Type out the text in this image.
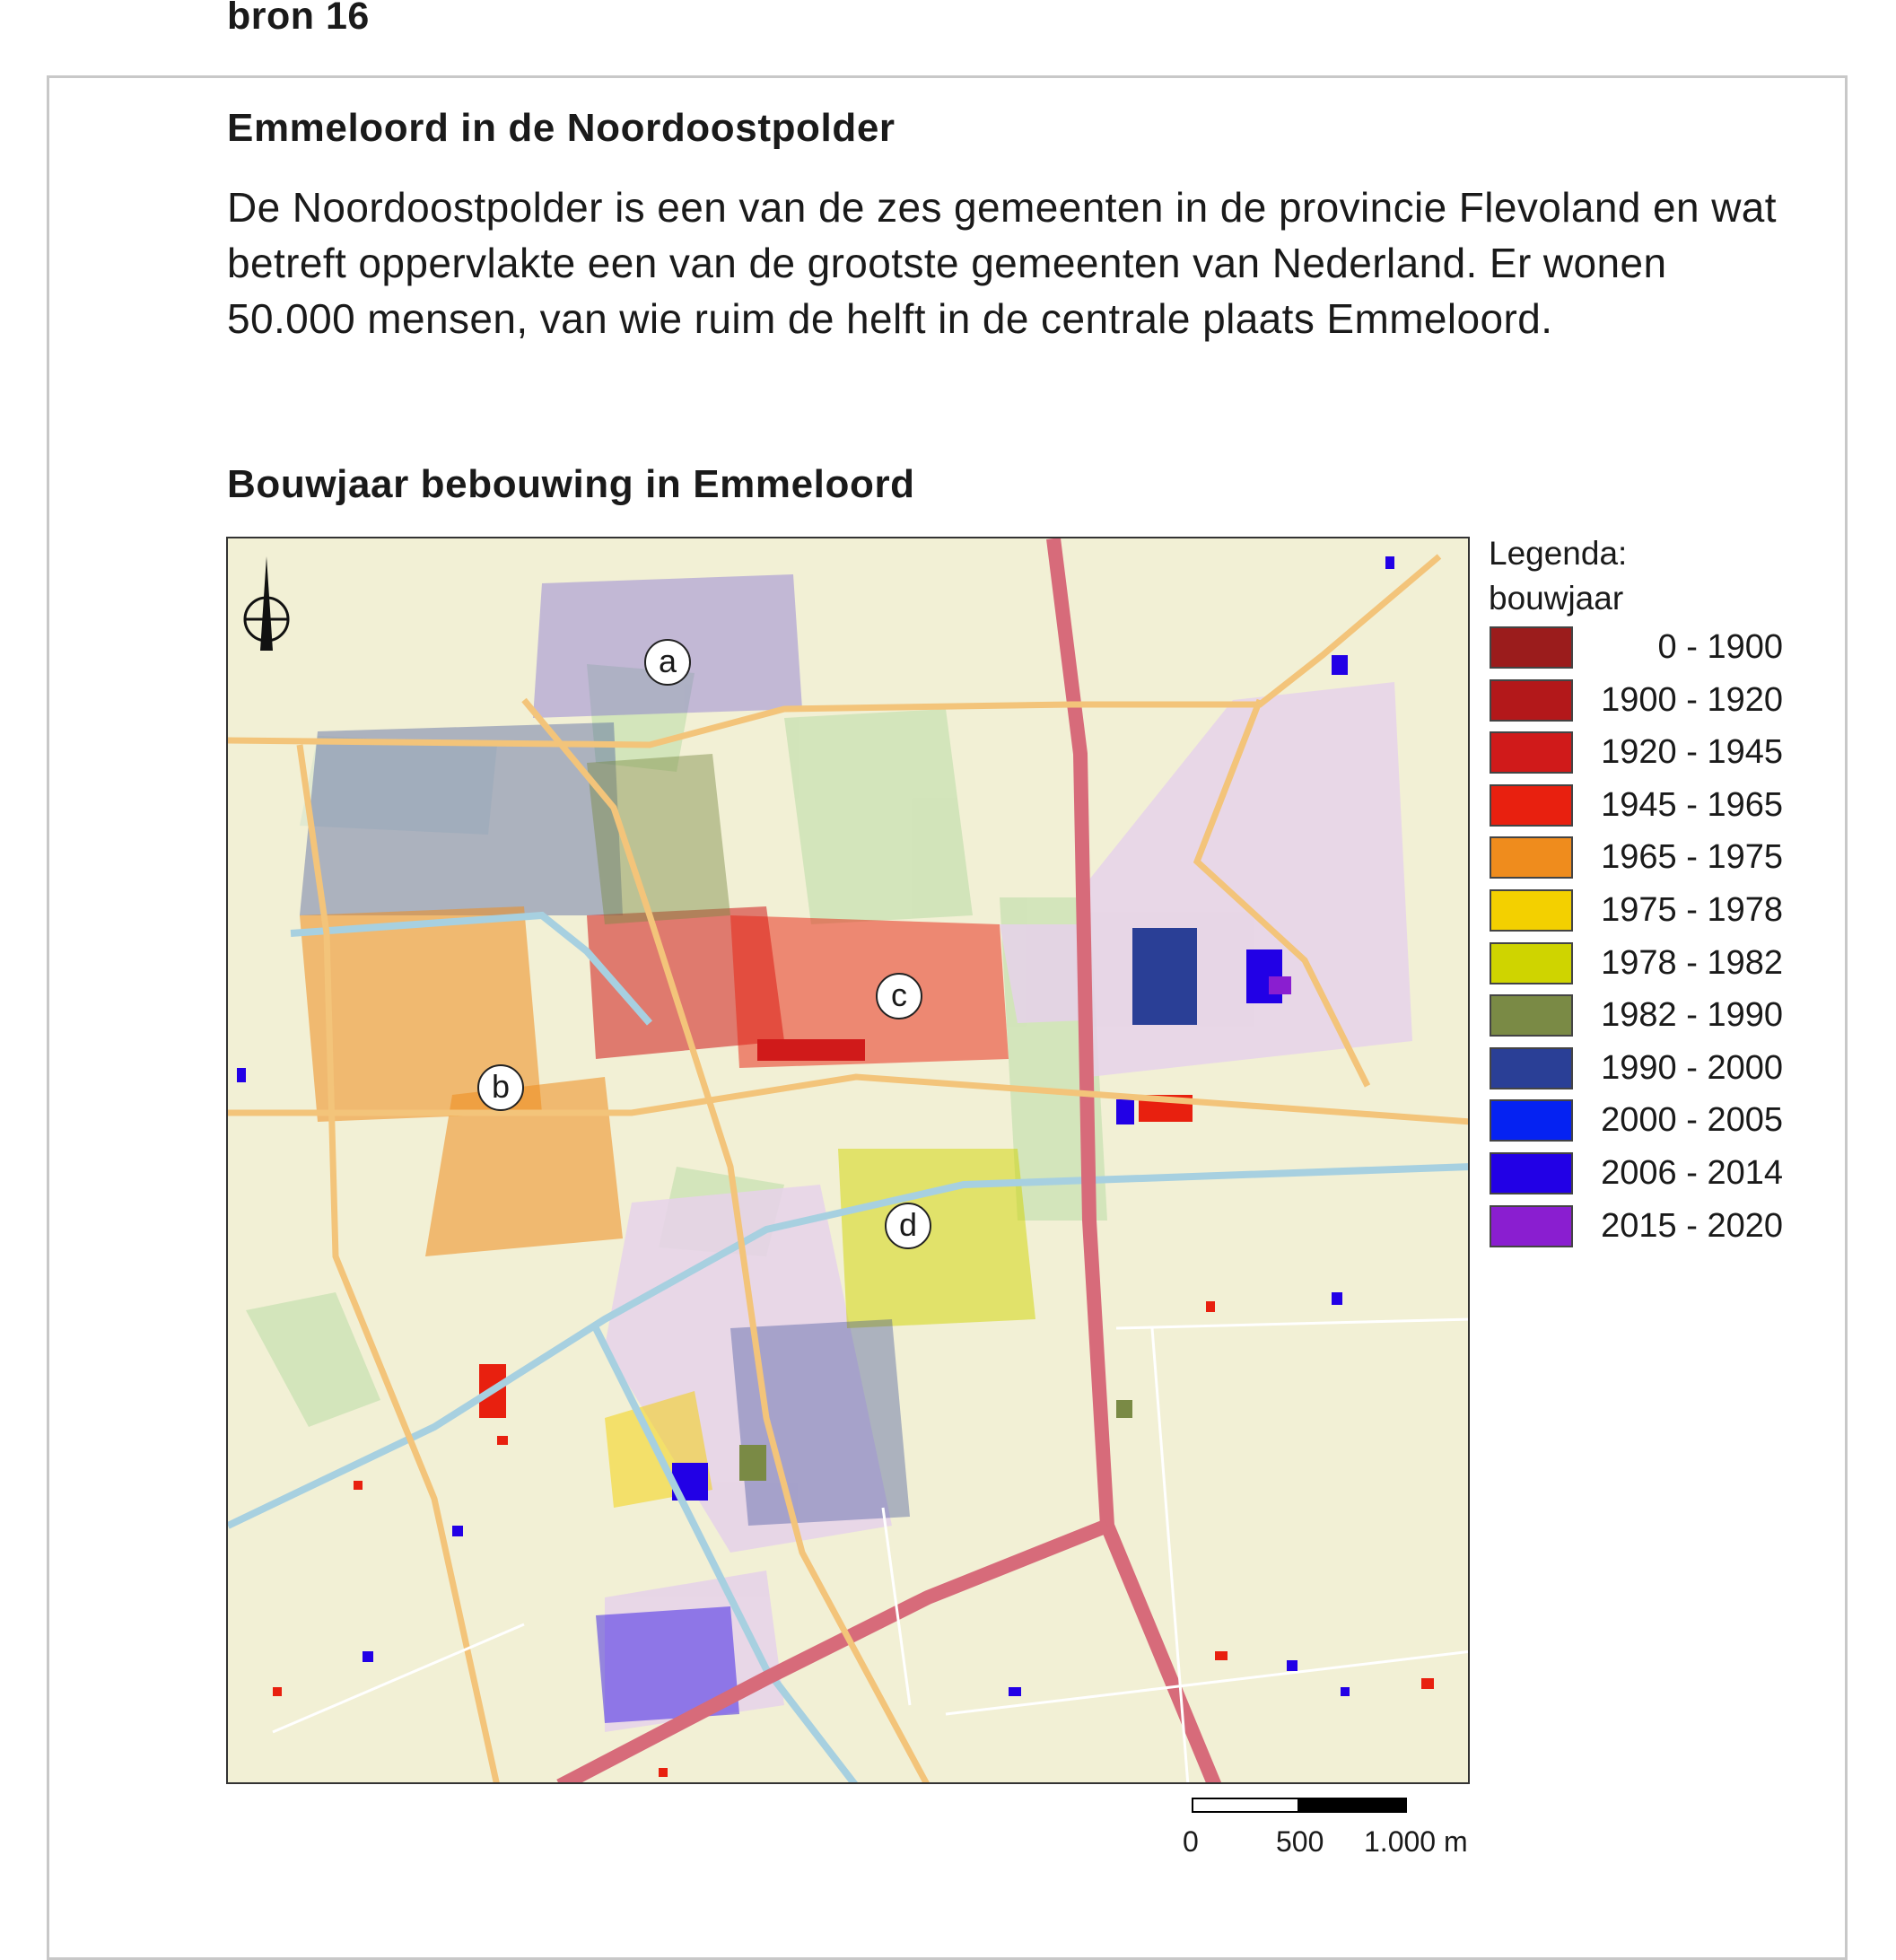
bron 16
Emmeloord in de Noordoostpolder
De Noordoostpolder is een van de zes gemeenten in de provincie Flevoland en wat betreft oppervlakte een van de grootste gemeenten van Nederland. Er wonen 50.000 mensen, van wie ruim de helft in de centrale plaats Emmeloord.
Bouwjaar bebouwing in Emmeloord
a
b
c
d
Legenda:
bouwjaar
0 - 1900
1900 - 1920
1920 - 1945
1945 - 1965
1965 - 1975
1975 - 1978
1978 - 1982
1982 - 1990
1990 - 2000
2000 - 2005
2006 - 2014
2015 - 2020
0	500 1.000 m
